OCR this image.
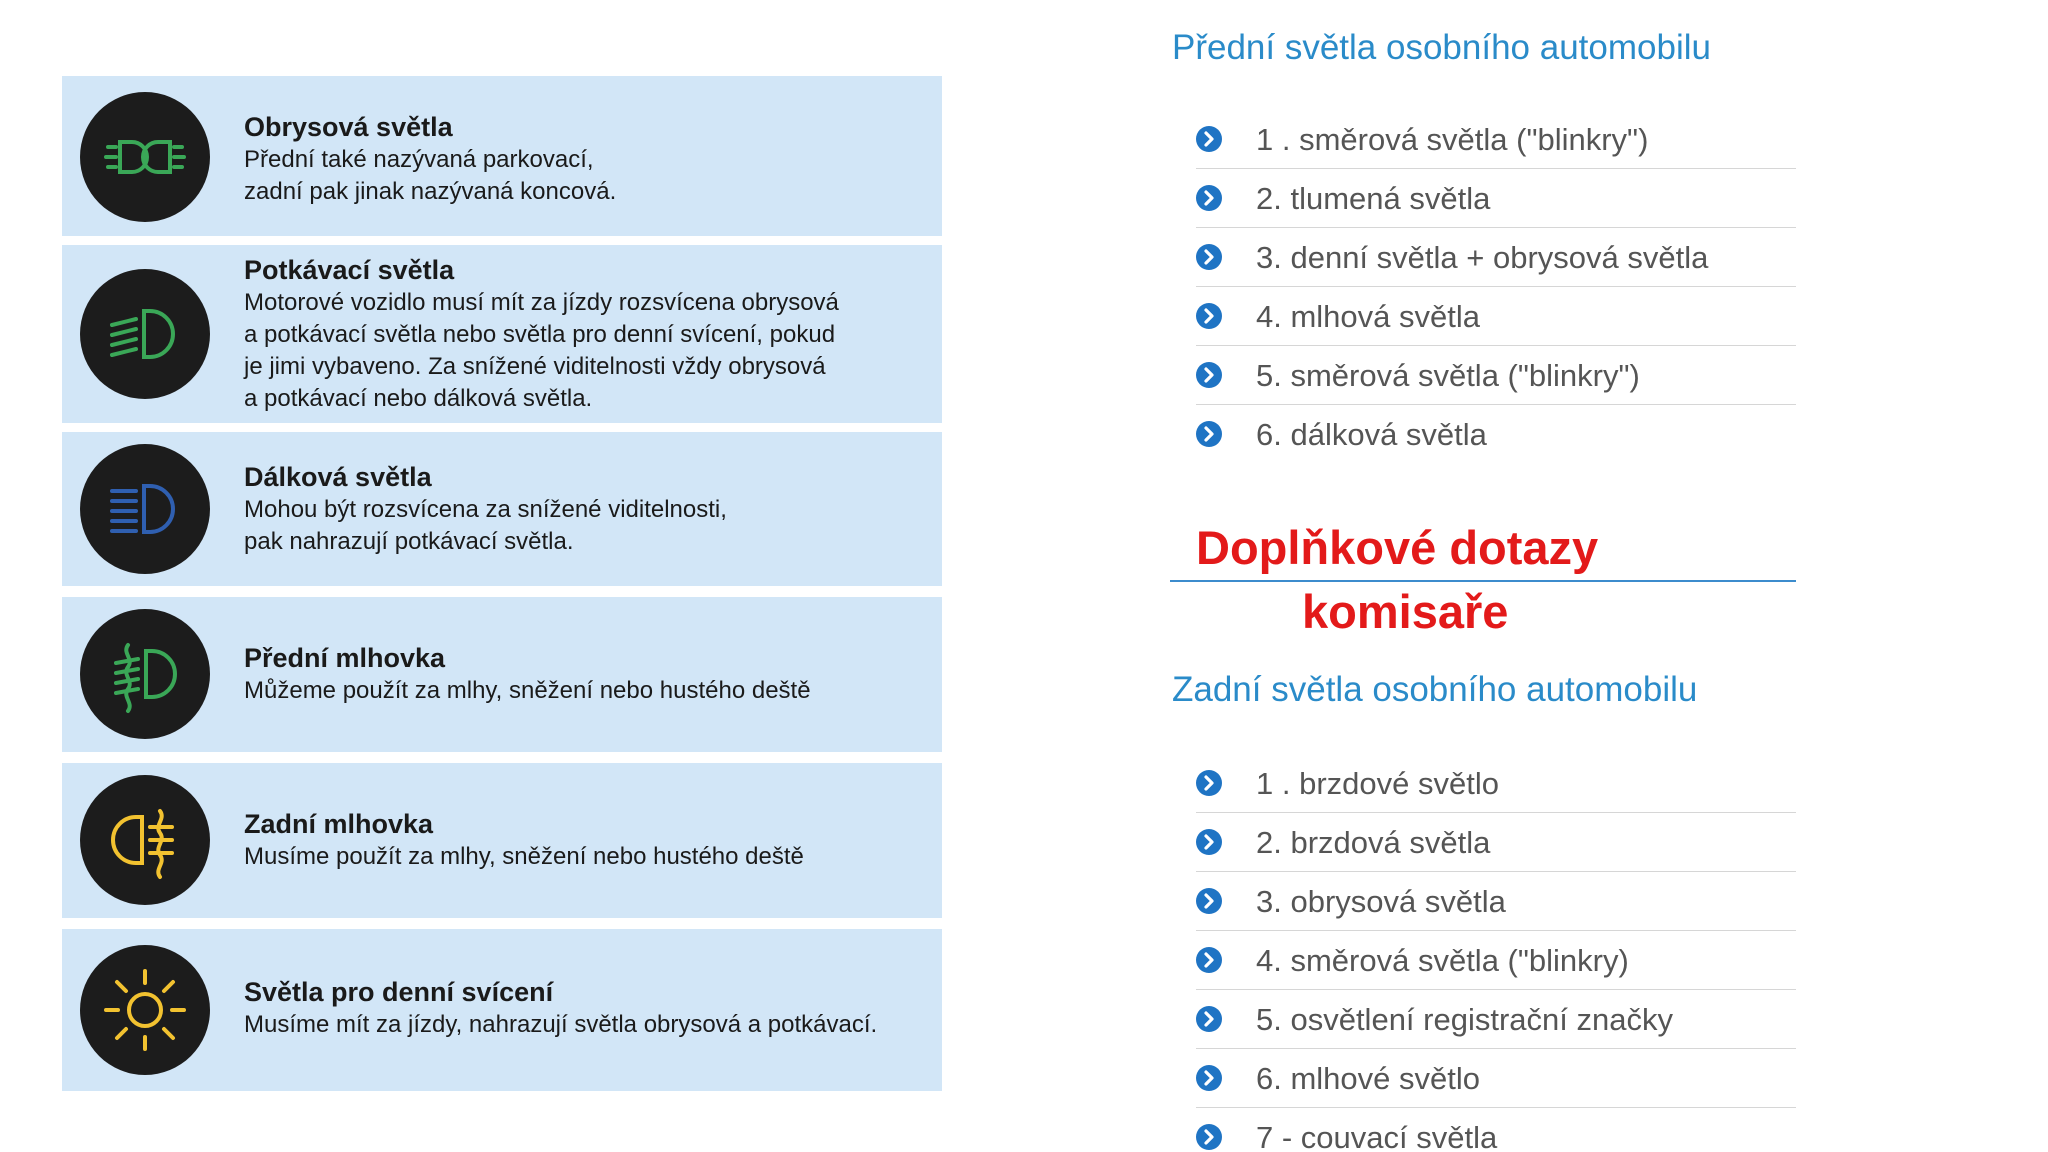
Obrysová světla
Přední také nazývaná parkovací,
zadní pak jinak nazývaná koncová.
Potkávací světla
Motorové vozidlo musí mít za jízdy rozsvícena obrysová
a potkávací světla nebo světla pro denní svícení, pokud
je jimi vybaveno. Za snížené viditelnosti vždy obrysová
a potkávací nebo dálková světla.
Dálková světla
Mohou být rozsvícena za snížené viditelnosti,
pak nahrazují potkávací světla.
Přední mlhovka
Můžeme použít za mlhy, sněžení nebo hustého deště
Zadní mlhovka
Musíme použít za mlhy, sněžení nebo hustého deště
Světla pro denní svícení
Musíme mít za jízdy, nahrazují světla obrysová a potkávací.
Přední světla osobního automobilu
1 . směrová světla ("blinkry")
2. tlumená světla
3. denní světla + obrysová světla
4. mlhová světla
5. směrová světla ("blinkry")
6. dálková světla
Doplňkové dotazy
komisaře
Zadní světla osobního automobilu
1 . brzdové světlo
2. brzdová světla
3. obrysová světla
4. směrová světla ("blinkry)
5. osvětlení registrační značky
6. mlhové světlo
7 - couvací světla
